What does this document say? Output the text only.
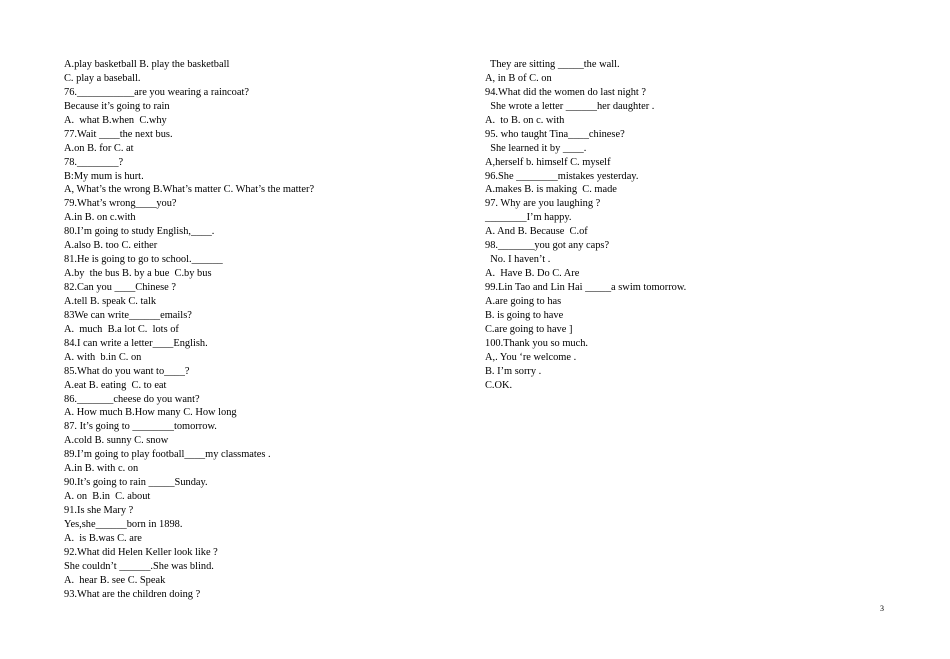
A.play basketball B. play the basketball
C. play a baseball.
76.___________are you wearing a raincoat?
Because it’s going to rain
A.  what B.when  C.why
77.Wait ____the next bus.
A.on B. for C. at
78.________?
B:My mum is hurt.
A, What’s the wrong B.What’s matter C. What’s the matter?
79.What’s wrong____you?
A.in B. on c.with
80.I’m going to study English,____.
A.also B. too C. either
81.He is going to go to school.______
A.by  the bus B. by a bue  C.by bus
82.Can you ____Chinese ?
A.tell B. speak C. talk
83We can write______emails?
A.  much  B.a lot C.  lots of
84.I can write a letter____English.
A. with  b.in C. on
85.What do you want to____?
A.eat B. eating  C. to eat
86._______cheese do you want?
A. How much B.How many C. How long
87. It’s going to ________tomorrow.
A.cold B. sunny C. snow
89.I’m going to play football____my classmates .
A.in B. with c. on
90.It’s going to rain _____Sunday.
A. on  B.in  C. about
91.Is she Mary ?
Yes,she______born in 1898.
A.  is B.was C. are
92.What did Helen Keller look like ?
She couldn’t ______.She was blind.
A.  hear B. see C. Speak
93.What are the children doing ?
They are sitting _____the wall.
A, in B of C. on
94.What did the women do last night ?
She wrote a letter ______her daughter .
A.  to B. on c. with
95. who taught Tina____chinese?
She learned it by ____.
A,herself b. himself C. myself
96.She ________mistakes yesterday.
A.makes B. is making  C. made
97. Why are you laughing ?
________I’m happy.
A. And B. Because  C.of
98._______you got any caps?
No. I haven’t .
A.  Have B. Do C. Are
99.Lin Tao and Lin Hai _____a swim tomorrow.
A.are going to has
B. is going to have
C.are going to have ]
100.Thank you so much.
A,. You ‘re welcome .
B. I’m sorry .
C.OK.
3
